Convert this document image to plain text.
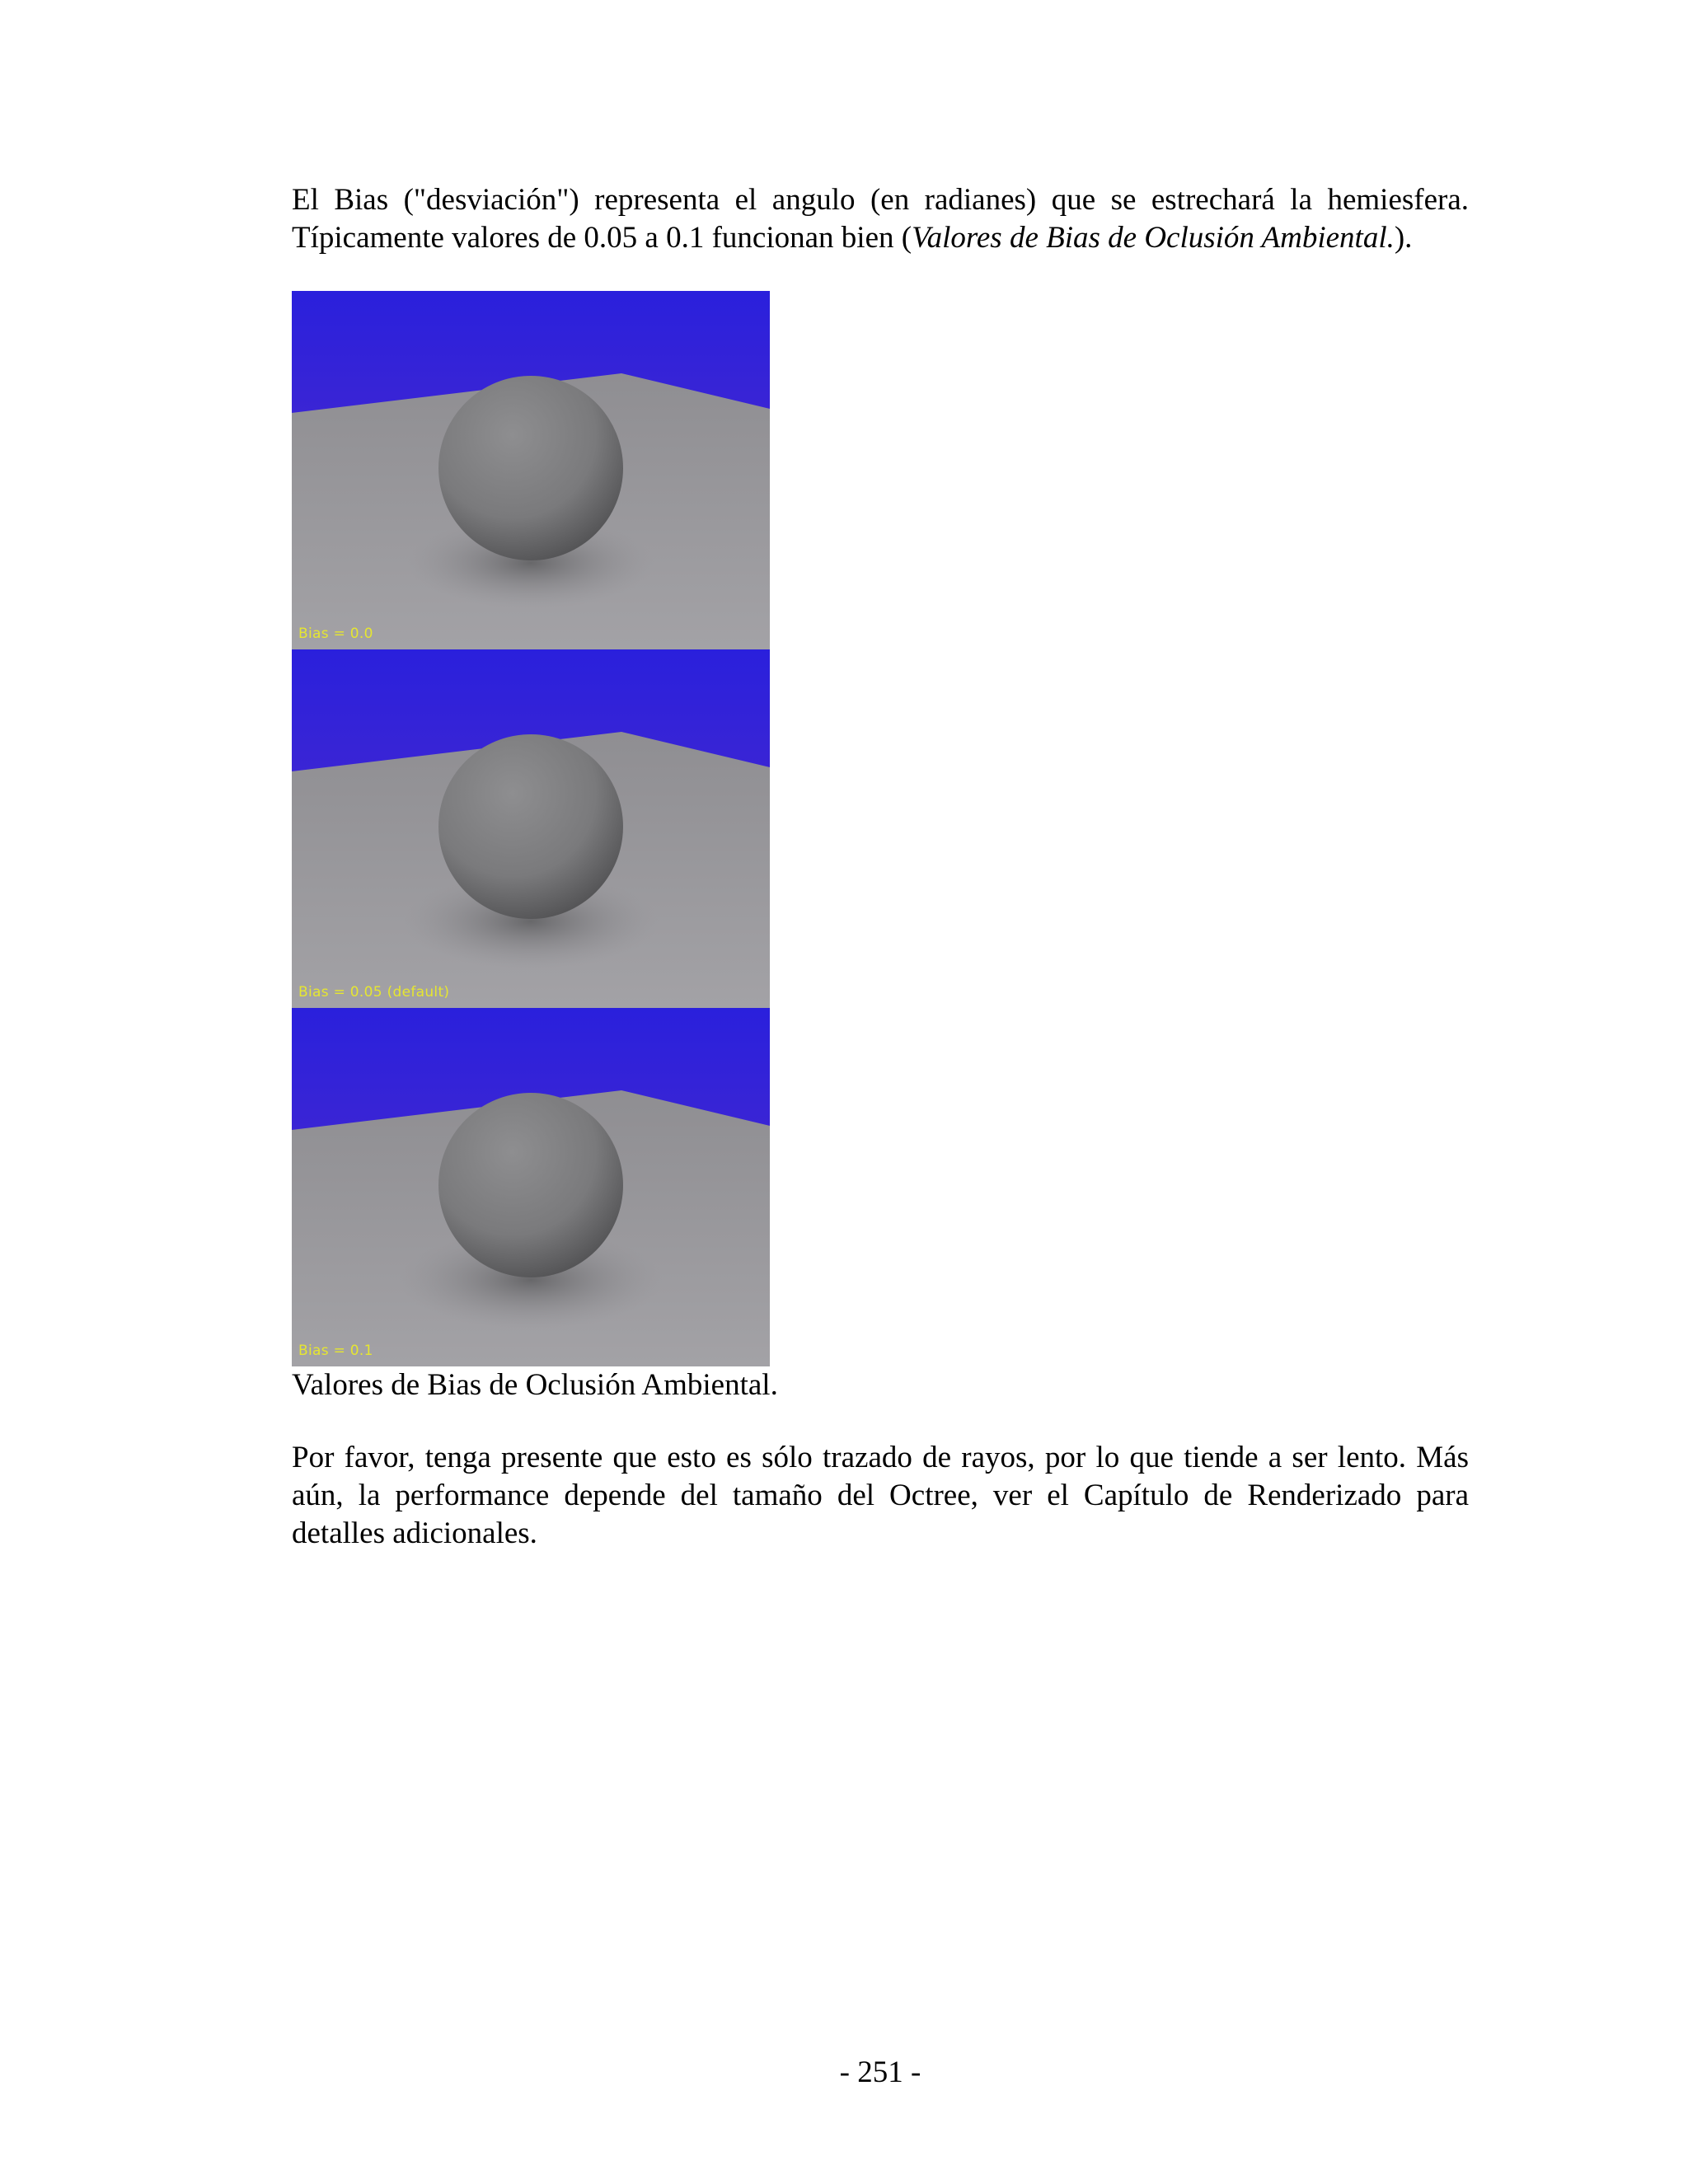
El Bias ("desviación") representa el angulo (en radianes) que se estrechará la hemiesfera. Típicamente valores de 0.05 a 0.1 funcionan bien (Valores de Bias de Oclusión Ambiental.).
Bias = 0.0
Bias = 0.05 (default)
Bias = 0.1
Valores de Bias de Oclusión Ambiental.
Por favor, tenga presente que esto es sólo trazado de rayos, por lo que tiende a ser lento. Más aún, la performance depende del tamaño del Octree, ver el Capítulo de Renderizado para detalles adicionales.
- 251 -
